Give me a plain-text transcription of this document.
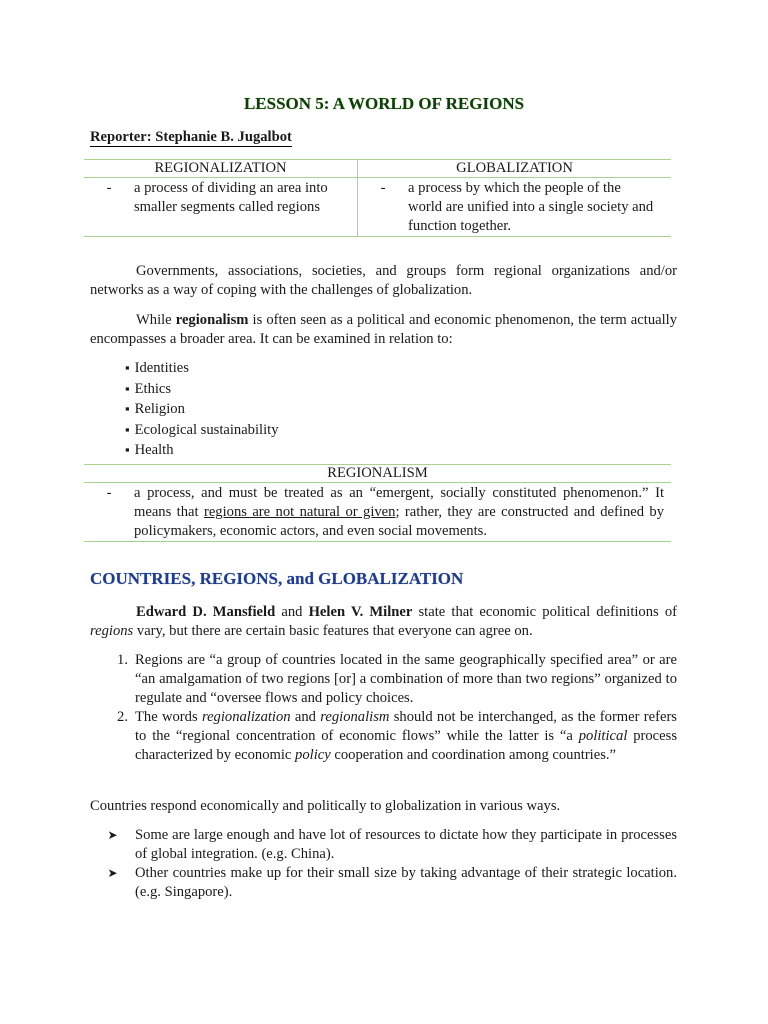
LESSON 5: A WORLD OF REGIONS
Reporter: Stephanie B. Jugalbot
REGIONALIZATION	GLOBALIZATION

- a process of dividing an area into smaller segments called regions	- a process by which the people of the world are unified into a single society and function together.
Governments, associations, societies, and groups form regional organizations and/or networks as a way of coping with the challenges of globalization.
While regionalism is often seen as a political and economic phenomenon, the term actually encompasses a broader area. It can be examined in relation to:
▪ Identities
▪ Ethics
▪ Religion
▪ Ecological sustainability
▪ Health
REGIONALISM

-	a process, and must be treated as an “emergent, socially constituted phenomenon.” It means that regions are not natural or given; rather, they are constructed and defined by policymakers, economic actors, and even social movements.
COUNTRIES, REGIONS, and GLOBALIZATION
Edward D. Mansfield and Helen V. Milner state that economic political definitions of regions vary, but there are certain basic features that everyone can agree on.
1. Regions are “a group of countries located in the same geographically specified area” or are “an amalgamation of two regions [or] a combination of more than two regions” organized to regulate and “oversee flows and policy choices.
2. The words regionalization and regionalism should not be interchanged, as the former refers to the “regional concentration of economic flows” while the latter is “a political process characterized by economic policy cooperation and coordination among countries.”
Countries respond economically and politically to globalization in various ways.
➤	Some are large enough and have lot of resources to dictate how they participate in processes of global integration. (e.g. China).
➤	Other countries make up for their small size by taking advantage of their strategic location. (e.g. Singapore).
